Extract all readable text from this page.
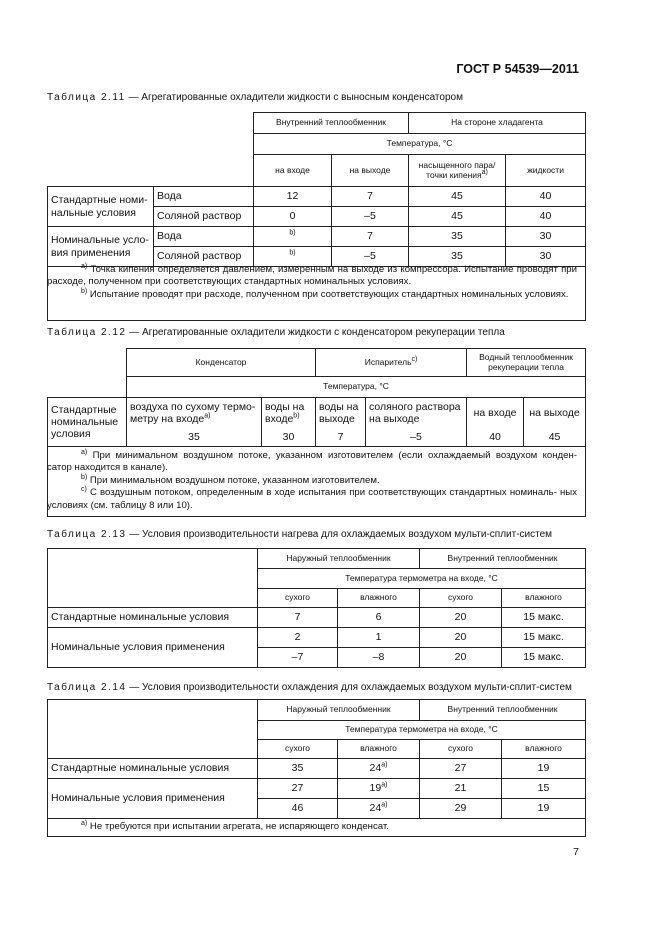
ГОСТ Р 54539—2011
Таблица 2.11 — Агрегатированные охладители жидкости с выносным конденсатором
		Внутренний теплообменник		На стороне хладагента	
		Температура, °С			
		на входе	на выходе	насыщенного пара/ точки кипения$^{a)}$	жидкости
Стандартные номи- нальные условия	Вода	12	7	45	40
	Соляной раствор	0	–5	45	40
Номинальные усло- вия применения	Вода	$^{b)}$	7	35	30
	Соляной раствор	$^{b)}$	–5	35	30

$^{a)}$ Точка кипения определяется давлением, измеренным на выходе из компрессора. Испытание проводят при расходе, полученном при соответствующих стандартных номинальных условиях.

$^{b)}$ Испытание проводят при расходе, полученном при соответствующих стандартных номинальных условиях.

Таблица 2.12 — Агрегатированные охладители жидкости с конденсатором рекуперации тепла
	Конденсатор		Испаритель$^{c)}$		Водный теплообменник рекуперации тепла	
	Температура, °С					
Стандартные номинальные условия	воздуха по сухому термо- метру на входе$^{a)}$	воды на входе$^{b)}$	воды на выходе	соляного раствора на выходе	на входе	на выходе
	35	30	7	–5	40	45

$^{a)}$ При минимальном воздушном потоке, указанном изготовителем (если охлаждаемый воздухом конден- сатор находится в канале).

$^{b)}$ При минимальном воздушном потоке, указанном изготовителем.

$^{c)}$ С воздушным потоком, определенным в ходе испытания при соответствующих стандартных номиналь- ных условиях (см. таблицу 8 или 10).

Таблица 2.13 — Условия производительности нагрева для охлаждаемых воздухом мульти-сплит-систем
	Наружный теплообменник		Внутренний теплообменник	
	Температура термометра на входе, °С			
	сухого	влажного	сухого	влажного
Стандартные номинальные условия	7	6	20	15 макс.
Номинальные условия применения	2	1	20	15 макс.
	–7	–8	20	15 макс.
Таблица 2.14 — Условия производительности охлаждения для охлаждаемых воздухом мульти-сплит-систем
	Наружный теплообменник		Внутренний теплообменник	
	Температура термометра на входе, °С			
	сухого	влажного	сухого	влажного
Стандартные номинальные условия	35	24$^{a)}$	27	19
Номинальные условия применения	27	19$^{a)}$	21	15
	46	24$^{a)}$	29	19

$^{a)}$ Не требуются при испытании агрегата, не испаряющего конденсат.

7
